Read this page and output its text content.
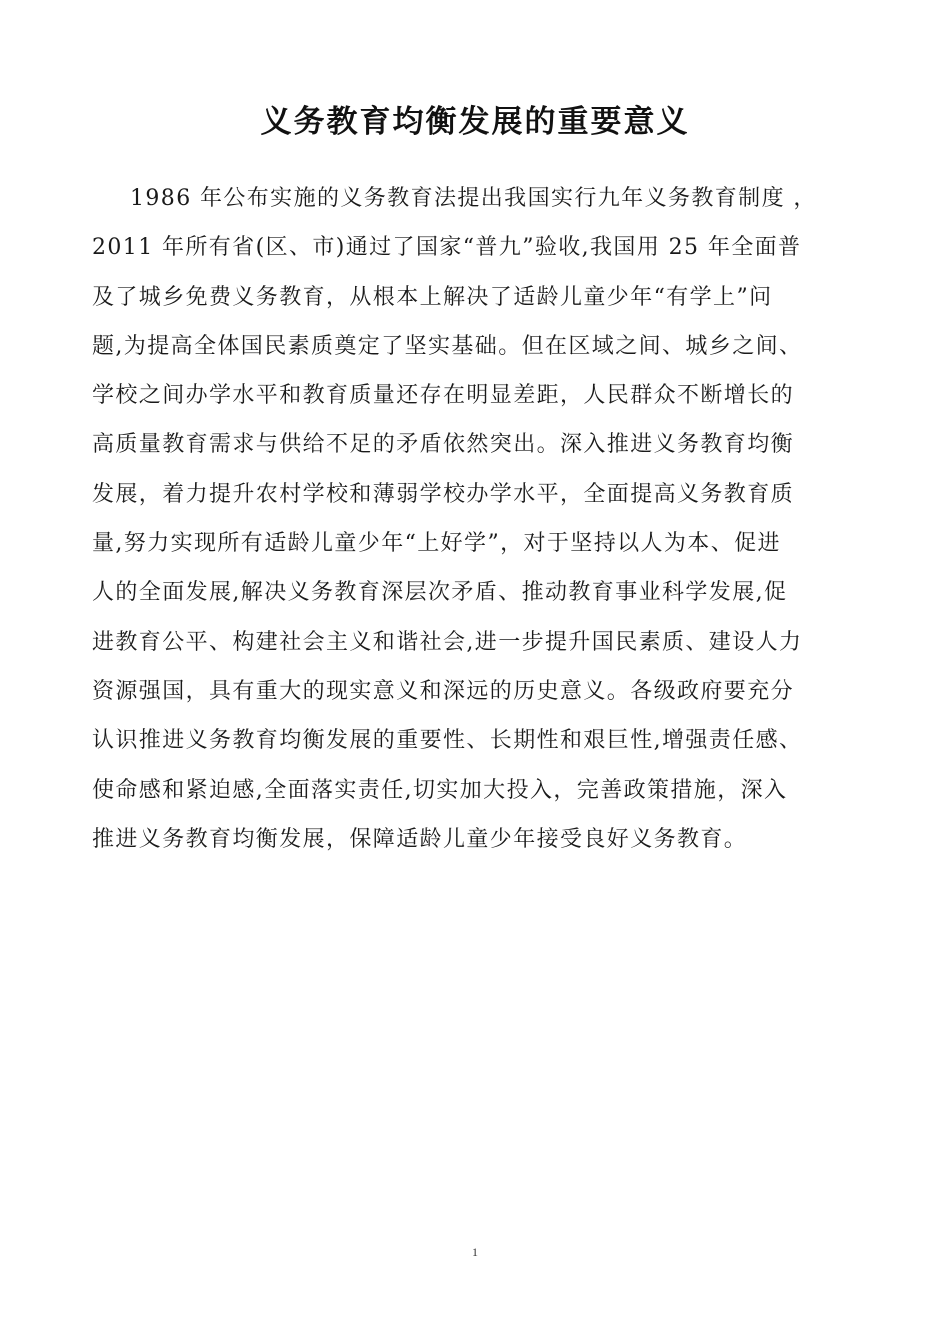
义务教育均衡发展的重要意义
1986 年公布实施的义务教育法提出我国实行九年义务教育制度 ，
2011 年所有省(区、市)通过了国家“普九”验收,我国用 25 年全面普
及了城乡免费义务教育，从根本上解决了适龄儿童少年“有学上”问
题,为提高全体国民素质奠定了坚实基础。但在区域之间、城乡之间、
学校之间办学水平和教育质量还存在明显差距，人民群众不断增长的
高质量教育需求与供给不足的矛盾依然突出。深入推进义务教育均衡
发展，着力提升农村学校和薄弱学校办学水平，全面提高义务教育质
量,努力实现所有适龄儿童少年“上好学”，对于坚持以人为本、促进
人的全面发展,解决义务教育深层次矛盾、推动教育事业科学发展,促
进教育公平、构建社会主义和谐社会,进一步提升国民素质、建设人力
资源强国，具有重大的现实意义和深远的历史意义。各级政府要充分
认识推进义务教育均衡发展的重要性、长期性和艰巨性,增强责任感、
使命感和紧迫感,全面落实责任,切实加大投入，完善政策措施，深入
推进义务教育均衡发展，保障适龄儿童少年接受良好义务教育。
1
